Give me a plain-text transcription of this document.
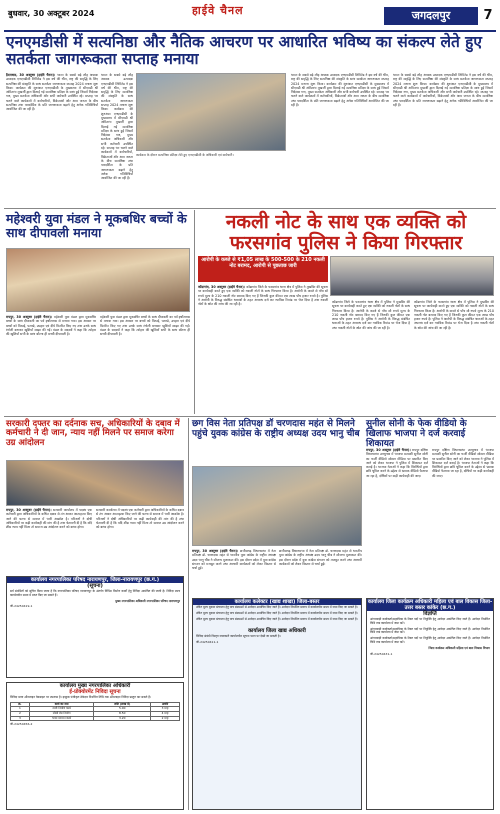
बुधवार, 30 अक्टूबर 2024	हाईवे चैनल	जगदलपुर	7
एनएमडीसी में सत्यनिष्ठा और नैतिक आचरण पर आधारित भविष्य का संकल्प लेते हुए सतर्कता जागरूकता सप्ताह मनाया
हैदराबाद, 30 अक्टूबर (हाईवे चैनल)। भारत के सबसे बड़े लौह अयस्क उत्पादक एनएमडीसी लिमिटेड ने इस वर्ष की थीम, राष्ट्र की समृद्धि के लिए सत्यनिष्ठा की संस्कृति के साथ सतर्कता जागरूकता सप्ताह 2024 मनाना शुरू किया। कार्यक्रम की शुरुआत एनएमडीसी के मुख्यालय में सीएमडी श्री अमिताभ मुखर्जी द्वारा दिलाई गई सत्यनिष्ठा प्रतिज्ञा के साथ हुई जिसमें निदेशक गण, मुख्य सतर्कता अधिकारी और सभी कर्मचारी उपस्थित रहे। सप्ताह भर चलने वाले कार्यक्रमों में कर्मचारियों, विक्रेताओं और आम जनता के बीच सत्यनिष्ठा तथा पारदर्शिता के प्रति जागरूकता बढ़ाने हेतु अनेक गतिविधियाँ आयोजित की जा रही हैं।
भारत के सबसे बड़े लौह अयस्क उत्पादक एनएमडीसी लिमिटेड ने इस वर्ष की थीम, राष्ट्र की समृद्धि के लिए सत्यनिष्ठा की संस्कृति के साथ सतर्कता जागरूकता सप्ताह 2024 मनाना शुरू किया। कार्यक्रम की शुरुआत एनएमडीसी के मुख्यालय में सीएमडी श्री अमिताभ मुखर्जी द्वारा दिलाई गई सत्यनिष्ठा प्रतिज्ञा के साथ हुई जिसमें निदेशक गण, मुख्य सतर्कता अधिकारी और सभी कर्मचारी उपस्थित रहे। सप्ताह भर चलने वाले कार्यक्रमों में कर्मचारियों, विक्रेताओं और आम जनता के बीच सत्यनिष्ठा तथा पारदर्शिता के प्रति जागरूकता बढ़ाने हेतु अनेक गतिविधियाँ आयोजित की जा रही हैं।
कार्यक्रम के दौरान सत्यनिष्ठा प्रतिज्ञा लेते हुए एनएमडीसी के अधिकारी एवं कर्मचारी।
भारत के सबसे बड़े लौह अयस्क उत्पादक एनएमडीसी लिमिटेड ने इस वर्ष की थीम, राष्ट्र की समृद्धि के लिए सत्यनिष्ठा की संस्कृति के साथ सतर्कता जागरूकता सप्ताह 2024 मनाना शुरू किया। कार्यक्रम की शुरुआत एनएमडीसी के मुख्यालय में सीएमडी श्री अमिताभ मुखर्जी द्वारा दिलाई गई सत्यनिष्ठा प्रतिज्ञा के साथ हुई जिसमें निदेशक गण, मुख्य सतर्कता अधिकारी और सभी कर्मचारी उपस्थित रहे। सप्ताह भर चलने वाले कार्यक्रमों में कर्मचारियों, विक्रेताओं और आम जनता के बीच सत्यनिष्ठा तथा पारदर्शिता के प्रति जागरूकता बढ़ाने हेतु अनेक गतिविधियाँ आयोजित की जा रही हैं।
भारत के सबसे बड़े लौह अयस्क उत्पादक एनएमडीसी लिमिटेड ने इस वर्ष की थीम, राष्ट्र की समृद्धि के लिए सत्यनिष्ठा की संस्कृति के साथ सतर्कता जागरूकता सप्ताह 2024 मनाना शुरू किया। कार्यक्रम की शुरुआत एनएमडीसी के मुख्यालय में सीएमडी श्री अमिताभ मुखर्जी द्वारा दिलाई गई सत्यनिष्ठा प्रतिज्ञा के साथ हुई जिसमें निदेशक गण, मुख्य सतर्कता अधिकारी और सभी कर्मचारी उपस्थित रहे। सप्ताह भर चलने वाले कार्यक्रमों में कर्मचारियों, विक्रेताओं और आम जनता के बीच सत्यनिष्ठा तथा पारदर्शिता के प्रति जागरूकता बढ़ाने हेतु अनेक गतिविधियाँ आयोजित की जा रही हैं।
महेश्वरी युवा मंडल ने मूकबधिर बच्चों के साथ दीपावली मनाया
रायपुर, 30 अक्टूबर (हाईवे चैनल)। महेश्वरी युवा मंडल द्वारा मूकबधिर बच्चों के साथ दीपावली का पर्व हर्षोल्लास से मनाया गया। इस अवसर पर बच्चों को मिठाई, पटाखे, उपहार एवं दीये वितरित किए गए तथा उनके साथ रंगोली बनाकर खुशियाँ साझा की गईं। मंडल के सदस्यों ने कहा कि त्योहार की खुशियाँ सभी के साथ बाँटना ही सच्ची दीपावली है।
महेश्वरी युवा मंडल द्वारा मूकबधिर बच्चों के साथ दीपावली का पर्व हर्षोल्लास से मनाया गया। इस अवसर पर बच्चों को मिठाई, पटाखे, उपहार एवं दीये वितरित किए गए तथा उनके साथ रंगोली बनाकर खुशियाँ साझा की गईं। मंडल के सदस्यों ने कहा कि त्योहार की खुशियाँ सभी के साथ बाँटना ही सच्ची दीपावली है।
नकली नोट के साथ एक व्यक्ति को फरसगांव पुलिस ने किया गिरफ्तार
आरोपी के कब्जे से ₹1,05 लाख के 500-500 के 210 नकली नोट बरामद, आरोपी से पूछताछ जारी
कोंडागांव, 30 अक्टूबर (हाईवे चैनल)। कोंडागांव जिले के फरसगांव थाना क्षेत्र में पुलिस ने मुखबिर की सूचना पर कार्यवाही करते हुए एक व्यक्ति को नकली नोटों के साथ गिरफ्तार किया है। आरोपी के कब्जे से पाँच सौ रुपये मूल्य के 210 नकली नोट बरामद किए गए हैं जिनकी कुल कीमत एक लाख पाँच हजार रुपये है। पुलिस ने आरोपी के विरुद्ध संबंधित धाराओं के तहत अपराध दर्ज कर न्यायिक रिमांड पर भेज दिया है तथा नकली नोटों के स्रोत की जांच की जा रही है।
कोंडागांव जिले के फरसगांव थाना क्षेत्र में पुलिस ने मुखबिर की सूचना पर कार्यवाही करते हुए एक व्यक्ति को नकली नोटों के साथ गिरफ्तार किया है। आरोपी के कब्जे से पाँच सौ रुपये मूल्य के 210 नकली नोट बरामद किए गए हैं जिनकी कुल कीमत एक लाख पाँच हजार रुपये है। पुलिस ने आरोपी के विरुद्ध संबंधित धाराओं के तहत अपराध दर्ज कर न्यायिक रिमांड पर भेज दिया है तथा नकली नोटों के स्रोत की जांच की जा रही है।
कोंडागांव जिले के फरसगांव थाना क्षेत्र में पुलिस ने मुखबिर की सूचना पर कार्यवाही करते हुए एक व्यक्ति को नकली नोटों के साथ गिरफ्तार किया है। आरोपी के कब्जे से पाँच सौ रुपये मूल्य के 210 नकली नोट बरामद किए गए हैं जिनकी कुल कीमत एक लाख पाँच हजार रुपये है। पुलिस ने आरोपी के विरुद्ध संबंधित धाराओं के तहत अपराध दर्ज कर न्यायिक रिमांड पर भेज दिया है तथा नकली नोटों के स्रोत की जांच की जा रही है।
सरकारी दफ्तर का दर्दनाक सच, अधिकारियों के दबाव में कर्मचारी ने दी जान, न्याय नहीं मिलने पर समाज करेगा उग्र आंदोलन
रायपुर, 30 अक्टूबर (हाईवे चैनल)। सरकारी कार्यालय में पदस्थ एक कर्मचारी द्वारा अधिकारियों के कथित दबाव से तंग आकर आत्महत्या किए जाने की घटना से समाज में भारी आक्रोश है। परिजनों ने दोषी अधिकारियों पर कड़ी कार्यवाही की मांग की है तथा चेतावनी दी है कि यदि शीघ्र न्याय नहीं मिला तो समाज उग्र आंदोलन करने को बाध्य होगा।
सरकारी कार्यालय में पदस्थ एक कर्मचारी द्वारा अधिकारियों के कथित दबाव से तंग आकर आत्महत्या किए जाने की घटना से समाज में भारी आक्रोश है। परिजनों ने दोषी अधिकारियों पर कड़ी कार्यवाही की मांग की है तथा चेतावनी दी है कि यदि शीघ्र न्याय नहीं मिला तो समाज उग्र आंदोलन करने को बाध्य होगा।
कार्यालय नगरपालिका परिषद नारायणपुर, जिला-नारायणपुर (छ.ग.)
(सूचना)
सर्व संबंधितों को सूचित किया जाता है कि नगरपालिका परिषद नारायणपुर के अंतर्गत विभिन्न निर्माण कार्यों हेतु निविदा आमंत्रित की जाती है। निविदा प्रपत्र कार्यालयीन समय में प्राप्त किए जा सकते हैं।
मुख्य नगरपालिका अधिकारी नगरपालिका परिषद नारायणपुर
जी-24250419-1
कार्यालय मुख्य नगरपालिका अधिकारी
ई-प्रोक्योरमेंट निविदा सूचना
निविदा प्रपत्र ऑनलाइन वेबसाइट पर उपलब्ध है। इच्छुक पंजीकृत ठेकेदार निर्धारित तिथि तक ऑनलाइन निविदा प्रस्तुत कर सकते हैं।
क्र.	कार्य का नाम	राशि (लाख में)	अवधि
1	नाली निर्माण कार्य	5.00	3 माह
2	सीसी रोड निर्माण	8.50	4 माह
3	भवन मरम्मत कार्य	3.20	2 माह
जी-24250456-2
छग विस नेता प्रतिपक्ष डॉ चरणदास महंत से मिलने पहुंचे युवक कांग्रेस के राष्ट्रीय अध्यक्ष उदय भानु चीब
रायपुर, 30 अक्टूबर (हाईवे चैनल)। छत्तीसगढ़ विधानसभा में नेता प्रतिपक्ष डॉ. चरणदास महंत से भारतीय युवा कांग्रेस के राष्ट्रीय अध्यक्ष उदय भानु चीब ने सौजन्य मुलाकात की। इस दौरान प्रदेश में युवा कांग्रेस संगठन को मजबूत करने तथा आगामी कार्यक्रमों को लेकर विस्तार से चर्चा हुई।
छत्तीसगढ़ विधानसभा में नेता प्रतिपक्ष डॉ. चरणदास महंत से भारतीय युवा कांग्रेस के राष्ट्रीय अध्यक्ष उदय भानु चीब ने सौजन्य मुलाकात की। इस दौरान प्रदेश में युवा कांग्रेस संगठन को मजबूत करने तथा आगामी कार्यक्रमों को लेकर विस्तार से चर्चा हुई।
सुनील सोनी के फेक वीडियो के खिलाफ भाजपा ने दर्ज करवाई शिकायत
रायपुर, 30 अक्टूबर (हाईवे चैनल)। रायपुर दक्षिण विधानसभा उपचुनाव में भाजपा प्रत्याशी सुनील सोनी का फर्जी वीडियो सोशल मीडिया पर प्रसारित किए जाने को लेकर भाजपा ने पुलिस में शिकायत दर्ज कराई है। भाजपा नेताओं ने कहा कि विरोधियों द्वारा छवि धूमिल करने के उद्देश्य से भ्रामक वीडियो फैलाया जा रहा है, दोषियों पर कड़ी कार्यवाही की जाए।
रायपुर दक्षिण विधानसभा उपचुनाव में भाजपा प्रत्याशी सुनील सोनी का फर्जी वीडियो सोशल मीडिया पर प्रसारित किए जाने को लेकर भाजपा ने पुलिस में शिकायत दर्ज कराई है। भाजपा नेताओं ने कहा कि विरोधियों द्वारा छवि धूमिल करने के उद्देश्य से भ्रामक वीडियो फैलाया जा रहा है, दोषियों पर कड़ी कार्यवाही की जाए।
कार्यालय कलेक्टर (खाद्य शाखा) जिला-बस्तर
उचित मूल्य दुकान संचालन हेतु पात्र संस्थाओं से आवेदन आमंत्रित किए जाते हैं। आवेदन निर्धारित प्रारूप में कार्यालयीन समय में जमा किए जा सकते हैं।
उचित मूल्य दुकान संचालन हेतु पात्र संस्थाओं से आवेदन आमंत्रित किए जाते हैं। आवेदन निर्धारित प्रारूप में कार्यालयीन समय में जमा किए जा सकते हैं।
उचित मूल्य दुकान संचालन हेतु पात्र संस्थाओं से आवेदन आमंत्रित किए जाते हैं। आवेदन निर्धारित प्रारूप में कार्यालयीन समय में जमा किए जा सकते हैं।
कार्यालय जिला खाद्य अधिकारी
निविदा संबंधी विस्तृत जानकारी कार्यालयीन सूचना पटल पर देखी जा सकती है।
जी-24250411-1
कार्यालय जिला कार्यक्रम अधिकारी महिला एवं बाल विकास जिला-उत्तर बस्तर कांकेर (छ.ग.)
विज्ञप्ति
आंगनबाड़ी कार्यकर्ता/सहायिका के रिक्त पदों पर नियुक्ति हेतु आवेदन आमंत्रित किए जाते हैं। आवेदन निर्धारित तिथि तक कार्यालय में जमा करें।
आंगनबाड़ी कार्यकर्ता/सहायिका के रिक्त पदों पर नियुक्ति हेतु आवेदन आमंत्रित किए जाते हैं। आवेदन निर्धारित तिथि तक कार्यालय में जमा करें।
आंगनबाड़ी कार्यकर्ता/सहायिका के रिक्त पदों पर नियुक्ति हेतु आवेदन आमंत्रित किए जाते हैं। आवेदन निर्धारित तिथि तक कार्यालय में जमा करें।
जिला कार्यक्रम अधिकारी महिला एवं बाल विकास विभाग
जी-24250431-1
